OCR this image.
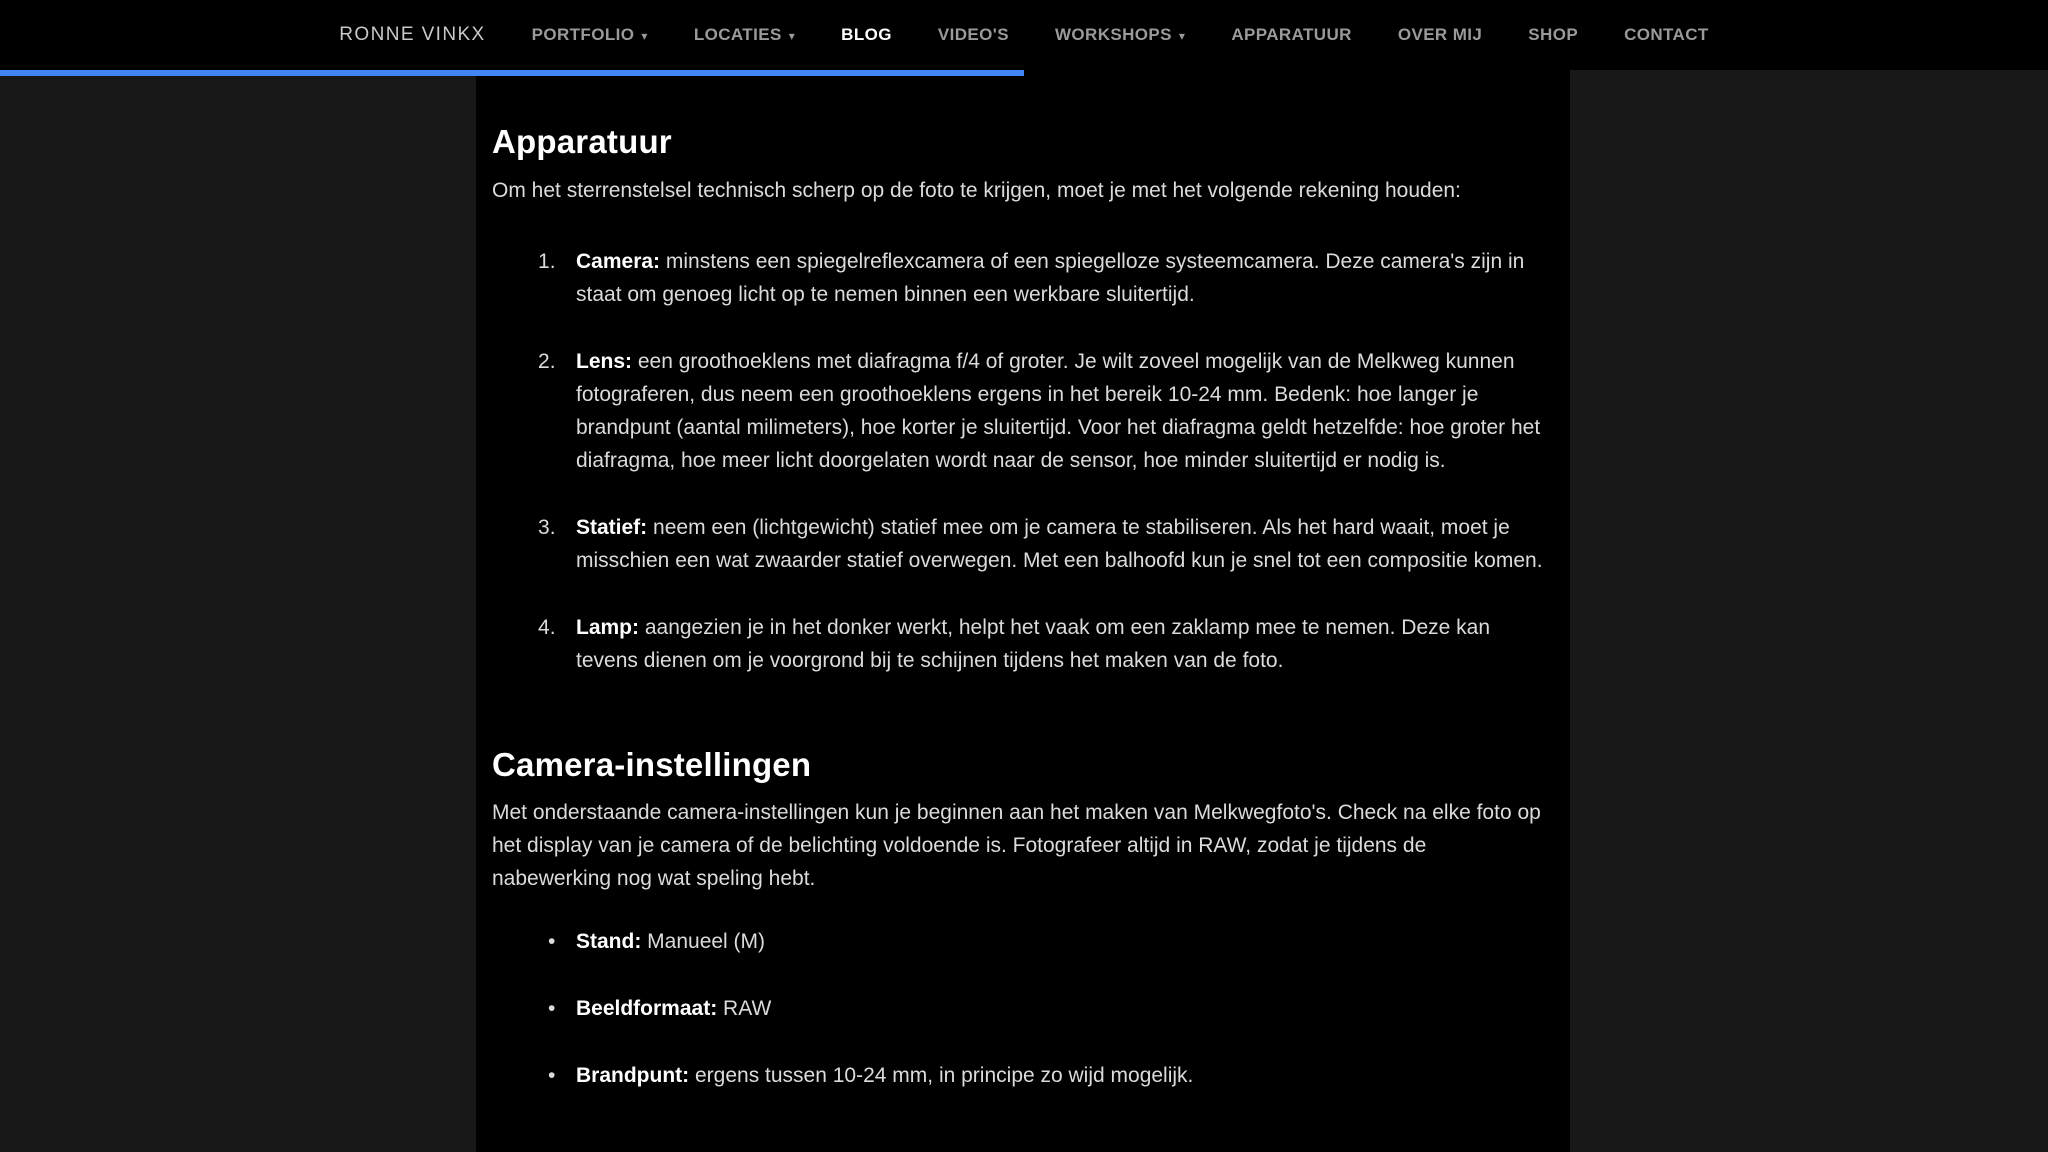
RONNE VINKX	PORTFOLIO ▾	LOCATIES ▾	BLOG	VIDEO'S	WORKSHOPS ▾	APPARATUUR	OVER MIJ	SHOP	CONTACT
Apparatuur

Om het sterrenstelsel technisch scherp op de foto te krijgen, moet je met het volgende rekening houden:

Camera: minstens een spiegelreflexcamera of een spiegelloze systeemcamera. Deze camera's zijn in staat om genoeg licht op te nemen binnen een werkbare sluitertijd.
Lens: een groothoeklens met diafragma f/4 of groter. Je wilt zoveel mogelijk van de Melkweg kunnen fotograferen, dus neem een groothoeklens ergens in het bereik 10-24 mm. Bedenk: hoe langer je brandpunt (aantal milimeters), hoe korter je sluitertijd. Voor het diafragma geldt hetzelfde: hoe groter het diafragma, hoe meer licht doorgelaten wordt naar de sensor, hoe minder sluitertijd er nodig is.
Statief: neem een (lichtgewicht) statief mee om je camera te stabiliseren. Als het hard waait, moet je misschien een wat zwaarder statief overwegen. Met een balhoofd kun je snel tot een compositie komen.
Lamp: aangezien je in het donker werkt, helpt het vaak om een zaklamp mee te nemen. Deze kan tevens dienen om je voorgrond bij te schijnen tijdens het maken van de foto.
Camera-instellingen

Met onderstaande camera-instellingen kun je beginnen aan het maken van Melkwegfoto's. Check na elke foto op het display van je camera of de belichting voldoende is. Fotografeer altijd in RAW, zodat je tijdens de nabewerking nog wat speling hebt.

• Stand: Manueel (M)
• Beeldformaat: RAW
• Brandpunt: ergens tussen 10-24 mm, in principe zo wijd mogelijk.
